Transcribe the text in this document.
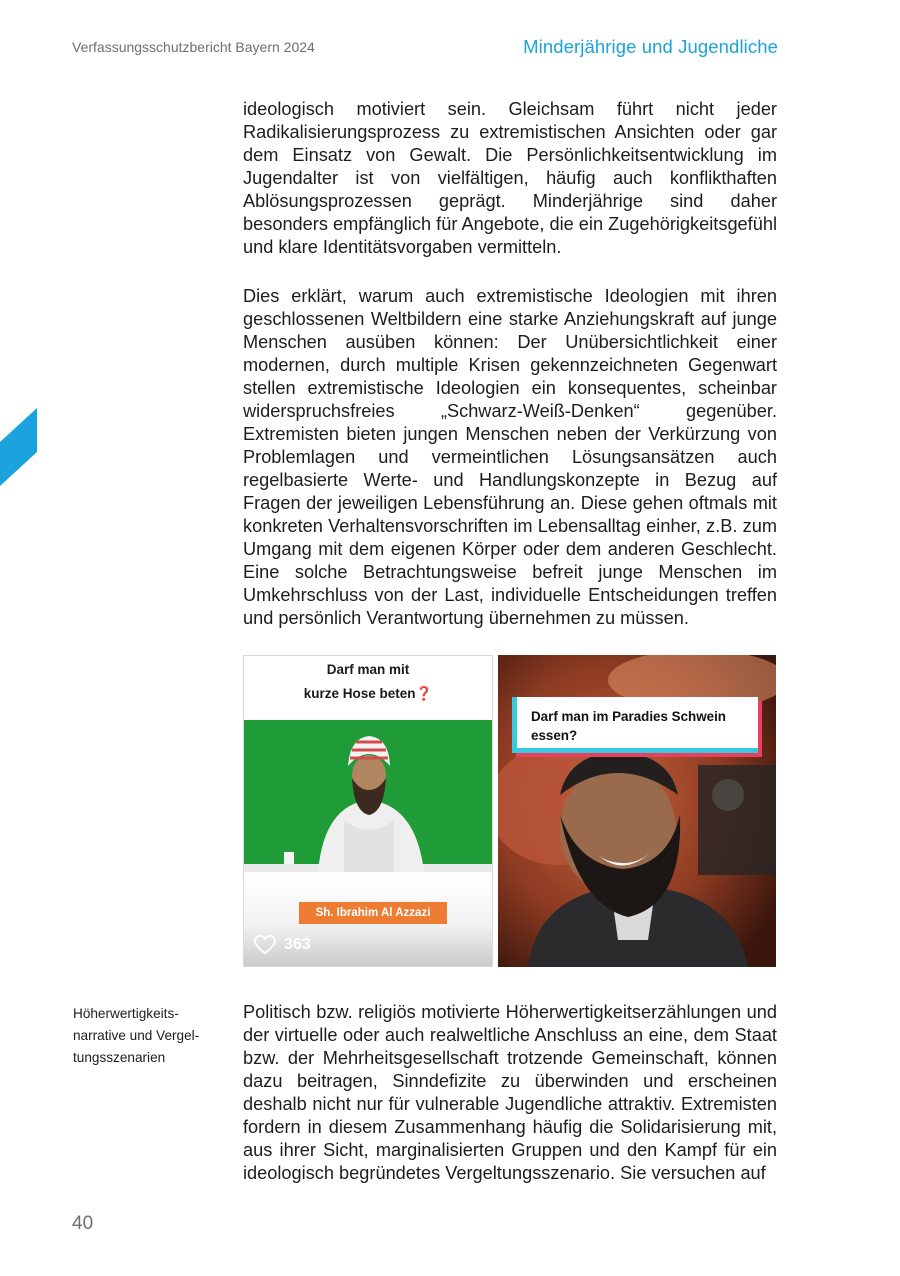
Verfassungsschutzbericht Bayern 2024	Minderjährige und Jugendliche

ideologisch motiviert sein. Gleichsam führt nicht jeder Radikalisierungsprozess zu extremistischen Ansichten oder gar dem Einsatz von Gewalt. Die Persönlichkeitsentwicklung im Jugendalter ist von vielfältigen, häufig auch konflikthaften Ablösungsprozessen geprägt. Minderjährige sind daher besonders empfänglich für Angebote, die ein Zugehörigkeitsgefühl und klare Identitätsvorgaben vermitteln.

Dies erklärt, warum auch extremistische Ideologien mit ihren geschlossenen Weltbildern eine starke Anziehungskraft auf junge Menschen ausüben können: Der Unübersichtlichkeit einer modernen, durch multiple Krisen gekennzeichneten Gegenwart stellen extremistische Ideologien ein konsequentes, scheinbar widerspruchsfreies „Schwarz-Weiß-Denken“ gegenüber. Extremisten bieten jungen Menschen neben der Verkürzung von Problemlagen und vermeintlichen Lösungsansätzen auch regelbasierte Werte- und Handlungskonzepte in Bezug auf Fragen der jeweiligen Lebensführung an. Diese gehen oftmals mit konkreten Verhaltensvorschriften im Lebensalltag einher, z.B. zum Umgang mit dem eigenen Körper oder dem anderen Geschlecht. Eine solche Betrachtungsweise befreit junge Menschen im Umkehrschluss von der Last, individuelle Entscheidungen treffen und persönlich Verantwortung übernehmen zu müssen.

Darf man mit
kurze Hose beten❓
Sh. Ibrahim Al Azzazi
363
Darf man im Paradies Schwein essen?
Höherwertigkeits-narrative und Vergel-tungsszenarien

Politisch bzw. religiös motivierte Höherwertigkeitserzählungen und der virtuelle oder auch realweltliche Anschluss an eine, dem Staat bzw. der Mehrheitsgesellschaft trotzende Gemeinschaft, können dazu beitragen, Sinndefizite zu überwinden und erscheinen deshalb nicht nur für vulnerable Jugendliche attraktiv. Extremisten fordern in diesem Zusammenhang häufig die Solidarisierung mit, aus ihrer Sicht, marginalisierten Gruppen und den Kampf für ein ideologisch begründetes Vergeltungsszenario. Sie versuchen auf

40
